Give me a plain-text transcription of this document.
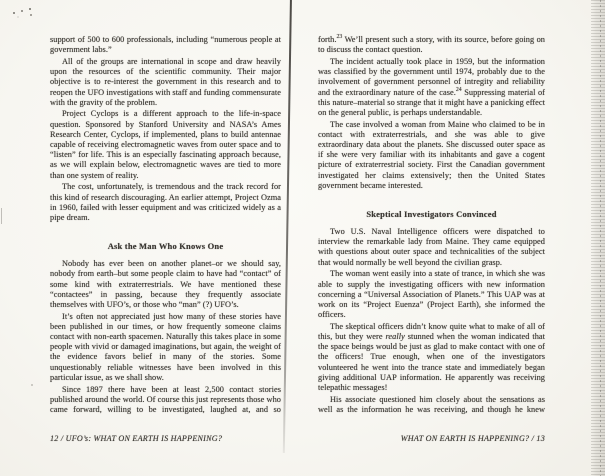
support of 500 to 600 professionals, including “numerous people at government labs.”

All of the groups are international in scope and draw heavily upon the resources of the scientific community. Their major objective is to re-interest the government in this research and to reopen the UFO investigations with staff and funding commensurate with the gravity of the problem.

Project Cyclops is a different approach to the life-in-space question. Sponsored by Stanford University and NASA’s Ames Research Center, Cyclops, if implemented, plans to build antennae capable of receiving electromagnetic waves from outer space and to “listen” for life. This is an especially fascinating approach because, as we will explain below, electromagnetic waves are tied to more than one system of reality.

The cost, unfortunately, is tremendous and the track record for this kind of research discouraging. An earlier attempt, Project Ozma in 1960, failed with lesser equipment and was criticized widely as a pipe dream.

Ask the Man Who Knows One

Nobody has ever been on another planet–or we should say, nobody from earth–but some people claim to have had “contact” of some kind with extraterrestrials. We have mentioned these “contactees” in passing, because they frequently associate themselves with UFO’s, or those who “man” (?) UFO’s.

It’s often not appreciated just how many of these stories have been published in our times, or how frequently someone claims contact with non-earth spacemen. Naturally this takes place in some people with vivid or damaged imaginations, but again, the weight of the evidence favors belief in many of the stories. Some unquestionably reliable witnesses have been involved in this particular issue, as we shall show.

Since 1897 there have been at least 2,500 contact stories published around the world. Of course this just represents those who came forward, willing to be investigated, laughed at, and so

forth.$^{23}$ We’ll present such a story, with its source, before going on to discuss the contact question.

The incident actually took place in 1959, but the information was classified by the government until 1974, probably due to the involvement of government personnel of intregity and reliability and the extraordinary nature of the case.$^{24}$ Suppressing material of this nature–material so strange that it might have a panicking effect on the general public, is perhaps understandable.

The case involved a woman from Maine who claimed to be in contact with extraterrestrials, and she was able to give extraordinary data about the planets. She discussed outer space as if she were very familiar with its inhabitants and gave a cogent picture of extraterrestrial society. First the Canadian government investigated her claims extensively; then the United States government became interested.

Skeptical Investigators Convinced

Two U.S. Naval Intelligence officers were dispatched to interview the remarkable lady from Maine. They came equipped with questions about outer space and technicalities of the subject that would normally be well beyond the civilian grasp.

The woman went easily into a state of trance, in which she was able to supply the investigating officers with new information concerning a “Universal Association of Planets.” This UAP was at work on its “Project Euenza” (Project Earth), she informed the officers.

The skeptical officers didn’t know quite what to make of all of this, but they were really stunned when the woman indicated that the space beings would be just as glad to make contact with one of the officers! True enough, when one of the investigators volunteered he went into the trance state and immediately began giving additional UAP information. He apparently was receiving telepathic messages!

His associate questioned him closely about the sensations as well as the information he was receiving, and though he knew

12 / UFO’s: WHAT ON EARTH IS HAPPENING?	WHAT ON EARTH IS HAPPENING? / 13
